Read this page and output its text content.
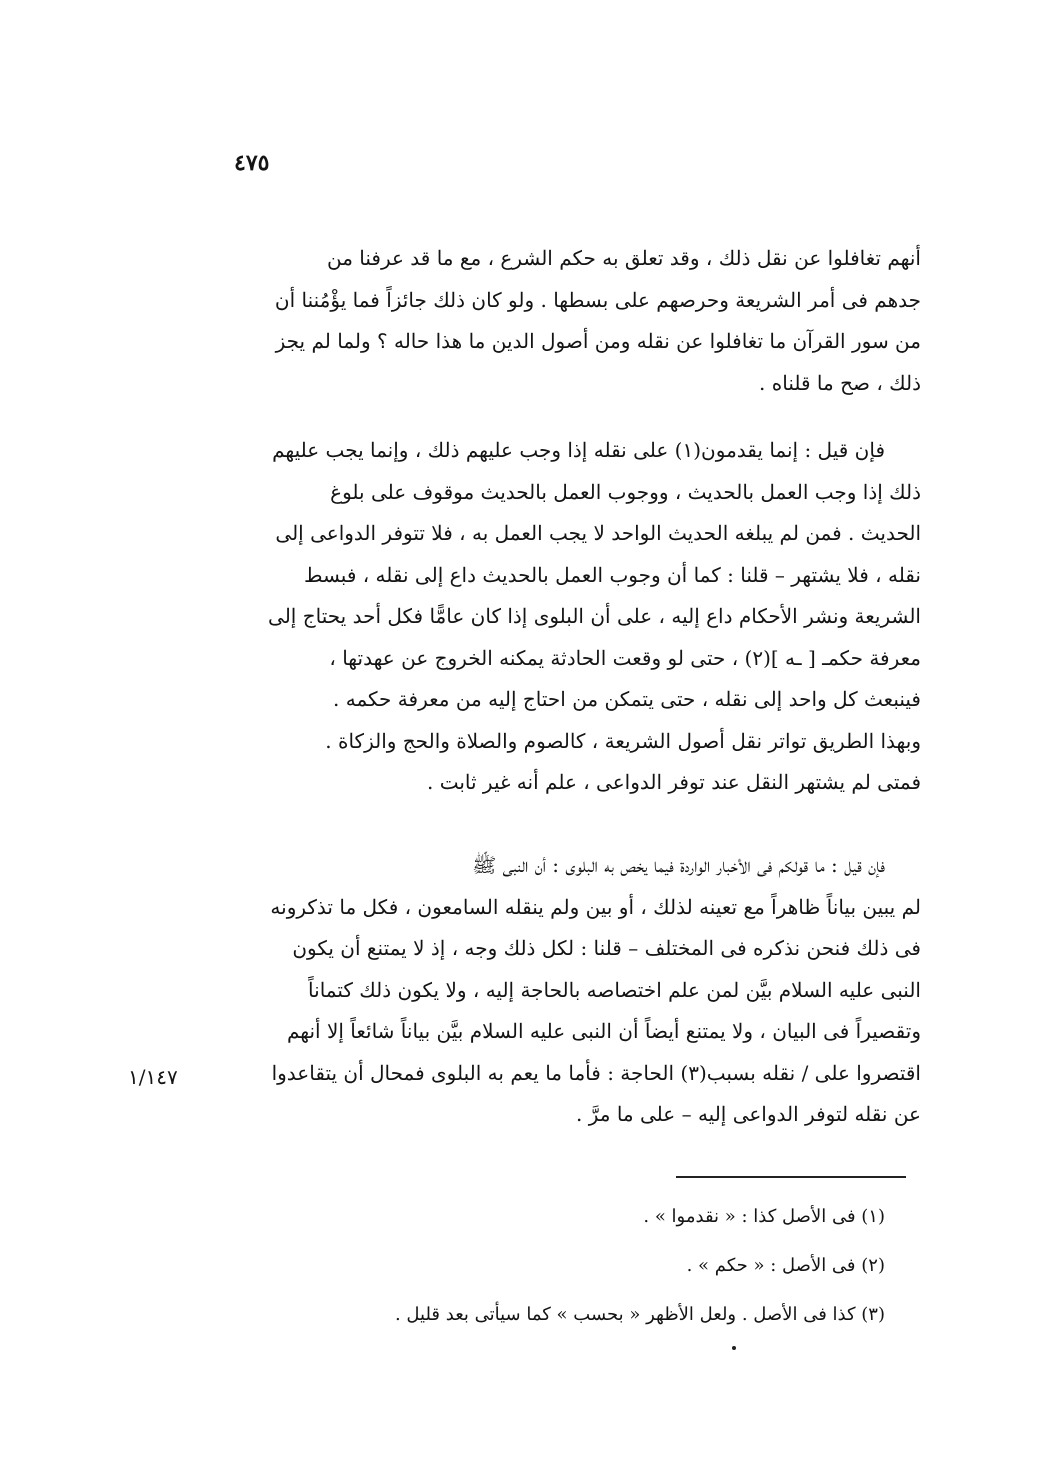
٤٧٥
أنهم تغافلوا عن نقل ذلك ، وقد تعلق به حكم الشرع ، مع ما قد عرفنا من
جدهم فى أمر الشريعة وحرصهم على بسطها . ولو كان ذلك جائزاً فما يؤْمُننا أن
من سور القرآن ما تغافلوا عن نقله ومن أصول الدين ما هذا حاله ؟ ولما لم يجز
ذلك ، صح ما قلناه .
فإن قيل : إنما يقدمون(١) على نقله إذا وجب عليهم ذلك ، وإنما يجب عليهم
ذلك إذا وجب العمل بالحديث ، ووجوب العمل بالحديث موقوف على بلوغ
الحديث . فمن لم يبلغه الحديث الواحد لا يجب العمل به ، فلا تتوفر الدواعى إلى
نقله ، فلا يشتهر – قلنا : كما أن وجوب العمل بالحديث داع إلى نقله ، فبسط
الشريعة ونشر الأحكام داع إليه ، على أن البلوى إذا كان عامًّا فكل أحد يحتاج إلى
معرفة حكمـ [ ـه ](٢) ، حتى لو وقعت الحادثة يمكنه الخروج عن عهدتها ،
فينبعث كل واحد إلى نقله ، حتى يتمكن من احتاج إليه من معرفة حكمه .
وبهذا الطريق تواتر نقل أصول الشريعة ، كالصوم والصلاة والحج والزكاة .
فمتى لم يشتهر النقل عند توفر الدواعى ، علم أنه غير ثابت .
فإن قيل : ما قولكم فى الأخبار الواردة فيما يخص به البلوى : أن النبى ﷺ
لم يبين بياناً ظاهراً مع تعينه لذلك ، أو بين ولم ينقله السامعون ، فكل ما تذكرونه
فى ذلك فنحن نذكره فى المختلف – قلنا : لكل ذلك وجه ، إذ لا يمتنع أن يكون
النبى عليه السلام بيَّن لمن علم اختصاصه بالحاجة إليه ، ولا يكون ذلك كتماناً
وتقصيراً فى البيان ، ولا يمتنع أيضاً أن النبى عليه السلام بيَّن بياناً شائعاً إلا أنهم
اقتصروا على / نقله بسبب(٣) الحاجة : فأما ما يعم به البلوى فمحال أن يتقاعدوا
عن نقله لتوفر الدواعى إليه – على ما مرَّ .
١/١٤٧
(١) فى الأصل كذا : « نقدموا » .
(٢) فى الأصل : « حكم » .
(٣) كذا فى الأصل . ولعل الأظهر « بحسب » كما سيأتى بعد قليل .
